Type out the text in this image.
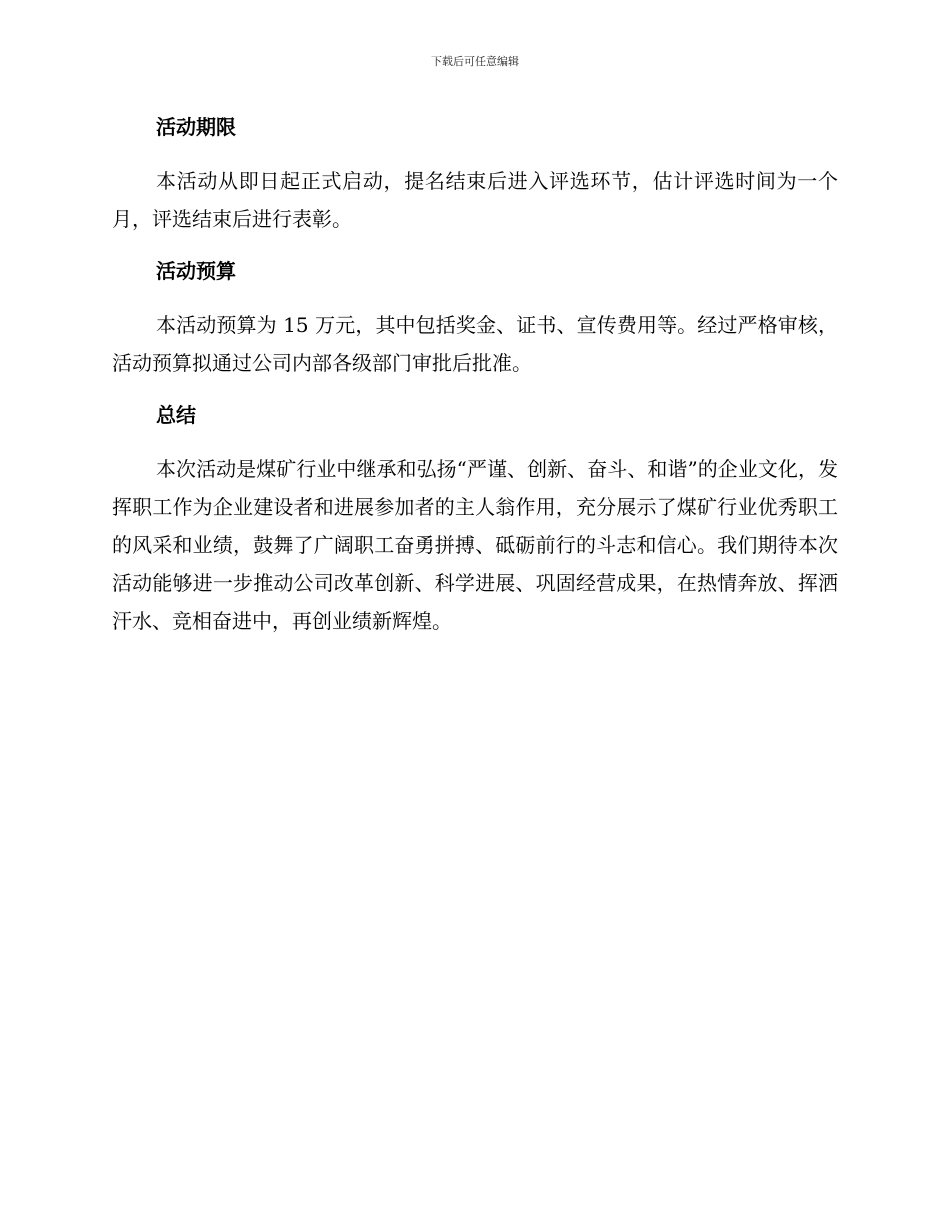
下载后可任意编辑
活动期限

本活动从即日起正式启动，提名结束后进入评选环节，估计评选时间为一个月，评选结束后进行表彰。

活动预算

本活动预算为 15 万元，其中包括奖金、证书、宣传费用等。经过严格审核，活动预算拟通过公司内部各级部门审批后批准。

总结

本次活动是煤矿行业中继承和弘扬“严谨、创新、奋斗、和谐”的企业文化，发挥职工作为企业建设者和进展参加者的主人翁作用，充分展示了煤矿行业优秀职工的风采和业绩，鼓舞了广阔职工奋勇拼搏、砥砺前行的斗志和信心。我们期待本次活动能够进一步推动公司改革创新、科学进展、巩固经营成果，在热情奔放、挥洒汗水、竞相奋进中，再创业绩新辉煌。
